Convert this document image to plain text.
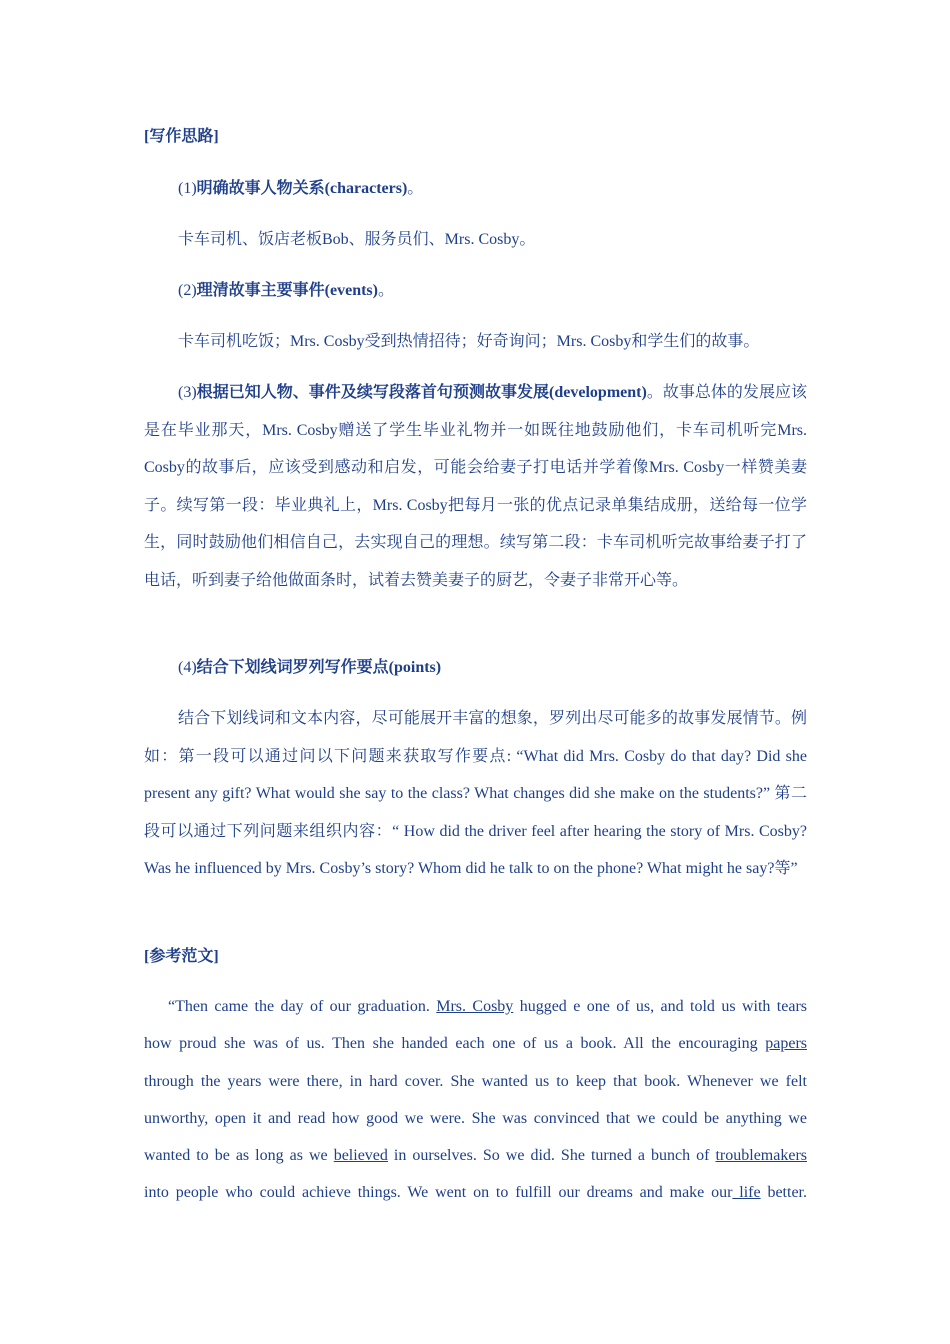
[写作思路]
(1)明确故事人物关系(characters)。
卡车司机、饭店老板Bob、服务员们、Mrs. Cosby。
(2)理清故事主要事件(events)。
卡车司机吃饭；Mrs. Cosby受到热情招待；好奇询问；Mrs. Cosby和学生们的故事。
(3)根据已知人物、事件及续写段落首句预测故事发展(development)。故事总体的发展应该是在毕业那天，Mrs. Cosby赠送了学生毕业礼物并一如既往地鼓励他们，卡车司机听完Mrs. Cosby的故事后，应该受到感动和启发，可能会给妻子打电话并学着像Mrs. Cosby一样赞美妻子。续写第一段：毕业典礼上，Mrs. Cosby把每月一张的优点记录单集结成册，送给每一位学生，同时鼓励他们相信自己，去实现自己的理想。续写第二段：卡车司机听完故事给妻子打了电话，听到妻子给他做面条时，试着去赞美妻子的厨艺，令妻子非常开心等。
(4)结合下划线词罗列写作要点(points)
结合下划线词和文本内容，尽可能展开丰富的想象，罗列出尽可能多的故事发展情节。例如：第一段可以通过问以下问题来获取写作要点: “What did Mrs. Cosby do that day? Did she present any gift? What would she say to the class? What changes did she make on the students?” 第二段可以通过下列问题来组织内容：“ How did the driver feel after hearing the story of Mrs. Cosby? Was he influenced by Mrs. Cosby’s story? Whom did he talk to on the phone? What might he say?等”
[参考范文]
“Then came the day of our graduation. Mrs. Cosby hugged e one of us, and told us with tears
how proud she was of us. Then she handed each one of us a book. All the encouraging papers
through the years were there, in hard cover. She wanted us to keep that book. Whenever we felt
unworthy, open it and read how good we were. She was convinced that we could be anything we
wanted to be as long as we believed in ourselves. So we did. She turned a bunch of troublemakers
into people who could achieve things. We went on to fulfill our dreams and make our life better.
